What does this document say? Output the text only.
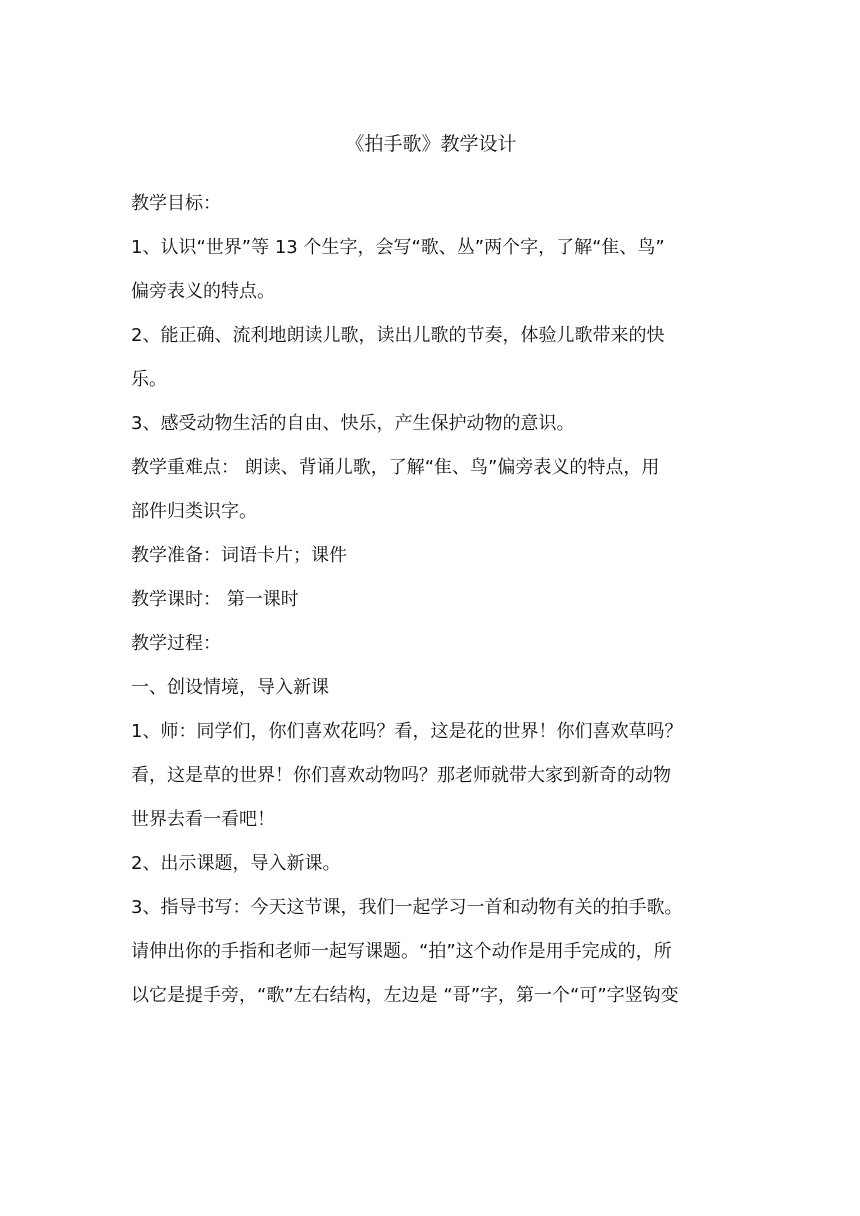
《拍手歌》教学设计
教学目标：
1、认识“世界”等 13 个生字，会写“歌、丛”两个字，了解“隹、鸟”
偏旁表义的特点。
2、能正确、流利地朗读儿歌，读出儿歌的节奏，体验儿歌带来的快
乐。
3、感受动物生活的自由、快乐，产生保护动物的意识。
教学重难点： 朗读、背诵儿歌，了解“隹、鸟”偏旁表义的特点，用
部件归类识字。
教学准备：词语卡片；课件
教学课时： 第一课时
教学过程：
一、创设情境，导入新课
1、师：同学们，你们喜欢花吗？看，这是花的世界！你们喜欢草吗？
看，这是草的世界！你们喜欢动物吗？那老师就带大家到新奇的动物
世界去看一看吧！
2、出示课题，导入新课。
3、指导书写：今天这节课，我们一起学习一首和动物有关的拍手歌。
请伸出你的手指和老师一起写课题。“拍”这个动作是用手完成的，所
以它是提手旁，“歌”左右结构，左边是 “哥”字，第一个“可”字竖钩变
